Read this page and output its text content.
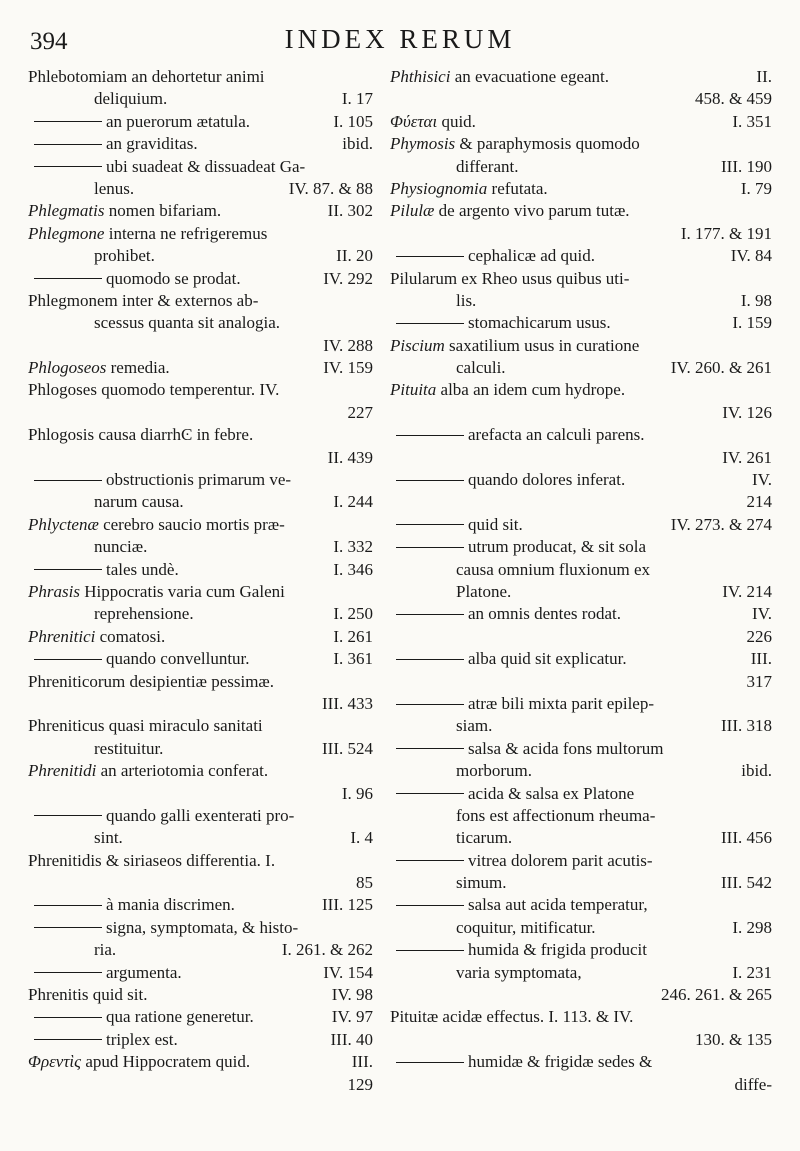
394	INDEX RERUM
Phlebotomiam an dehortetur animi
I. 17
deliquium.
I. 105
an puerorum ætatula.
ibid.
an graviditas.
ubi suadeat & dissuadeat Ga-
IV. 87. & 88
lenus.
II. 302
Phlegmatis nomen bifariam.
Phlegmone interna ne refrigeremus
II. 20
prohibet.
IV. 292
quomodo se prodat.
Phlegmonem inter & externos ab-
scessus quanta sit analogia.
IV. 288
IV. 159
Phlogoseos remedia.
Phlogoses quomodo temperentur. IV.
227
Phlogosis causa diarrhϾ in febre.
II. 439
obstructionis primarum ve-
I. 244
narum causa.
Phlyctenæ cerebro saucio mortis præ-
I. 332
nunciæ.
I. 346
tales undè.
Phrasis Hippocratis varia cum Galeni
I. 250
reprehensione.
I. 261
Phrenitici comatosi.
I. 361
quando convelluntur.
Phreniticorum desipientiæ pessimæ.
III. 433
Phreniticus quasi miraculo sanitati
III. 524
restituitur.
Phrenitidi an arteriotomia conferat.
I. 96
quando galli exenterati pro-
I. 4
sint.
Phrenitidis & siriaseos differentia. I.
85
III. 125
à mania discrimen.
signa, symptomata, & histo-
I. 261. & 262
ria.
IV. 154
argumenta.
IV. 98
Phrenitis quid sit.
IV. 97
qua ratione generetur.
III. 40
triplex est.
III.
Φρεντὶς apud Hippocratem quid.
129
II.
Phthisici an evacuatione egeant.
458. & 459
I. 351
Φύεται quid.
Phymosis & paraphymosis quomodo
III. 190
differant.
I. 79
Physiognomia refutata.
Pilulæ de argento vivo parum tutæ.
I. 177. & 191
IV. 84
cephalicæ ad quid.
Pilularum ex Rheo usus quibus uti-
I. 98
lis.
I. 159
stomachicarum usus.
Piscium saxatilium usus in curatione
IV. 260. & 261
calculi.
Pituita alba an idem cum hydrope.
IV. 126
arefacta an calculi parens.
IV. 261
IV.
quando dolores inferat.
214
IV. 273. & 274
quid sit.
utrum producat, & sit sola
causa omnium fluxionum ex
IV. 214
Platone.
IV.
an omnis dentes rodat.
226
III.
alba quid sit explicatur.
317
atræ bili mixta parit epilep-
III. 318
siam.
salsa & acida fons multorum
ibid.
morborum.
acida & salsa ex Platone
fons est affectionum rheuma-
III. 456
ticarum.
vitrea dolorem parit acutis-
III. 542
simum.
salsa aut acida temperatur,
I. 298
coquitur, mitificatur.
humida & frigida producit
I. 231
varia symptomata,
246. 261. & 265
Pituitæ acidæ effectus. I. 113. & IV.
130. & 135
humidæ & frigidæ sedes &
diffe-
